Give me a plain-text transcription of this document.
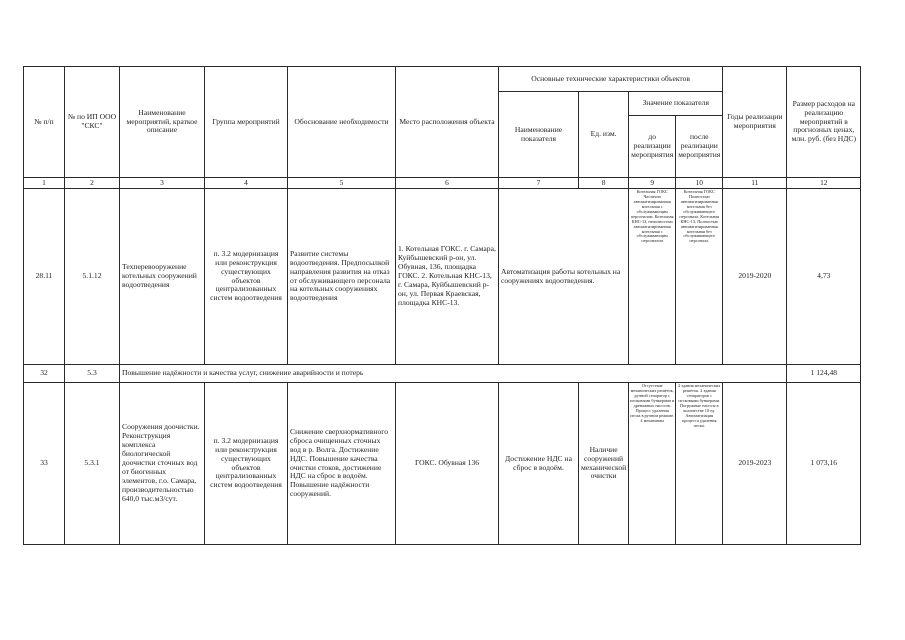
№ п/п	№ по ИП ООО "СКС"	Наименование мероприятий, краткое описание	Группа мероприятий	Обоснование необходимости	Место расположения объекта	Основные технические характеристики объектов				Годы реализации мероприятия	Размер расходов на реализацию мероприятий в прогнозных ценах, млн. руб. (без НДС)
						Наименование показателя	Ед. изм.	Значение показателя			
								до реализации мероприятия	после реализации мероприятия		
1	2	3	4	5	6	7	8	9	10	11	12
28.11	5.1.12	Техперевооружение котельных сооружений водоотведения	п. 3.2 модернизация или реконструкция существующих объектов централизованных систем водоотведения	Развитие системы водоотведения. Предпосылкой направления развития на отказ от обслуживающего персонала на котельных сооружениях водоотведения	1. Котельная ГОКС. г. Самара, Куйбышевский р-он, ул. Обувная, 136, площадка ГОКС. 2. Котельная КНС-13, г. Самара, Куйбышевский р-он, ул. Первая Краевская, площадка КНС-13.	Автоматизация работы котельных на сооружениях водоотведения.		Котельная ГОКС Частично автоматизированная котельная с обслуживающим персоналом. Котельная КНС-13, неполностью автоматизированная котельная с обслуживающим персоналом	Котельная ГОКС Полностью автоматизированная котельная без обслуживающего персонала. Котельная КНС-13, Полностью автоматизированная котельная без обслуживающего персонала.	2019-2020	4,73
32	5.3	Повышение надёжности и качества услуг, снижение аварийности и потерь									1 124,48
33	5.3.1	Сооружения доочистки. Реконструкция комплекса биологической доочистки сточных вод от биогенных элементов, г.о. Самара, производительностью 640,0 тыс.м3/сут.	п. 3.2 модернизация или реконструкция существующих объектов централизованных систем водоотведения	Снижение сверхнормативного сброса очищенных сточных вод в р. Волга. Достижение НДС. Повышение качества очистки стоков, достижение НДС на сброс в водоём. Повышение надёжности сооружений.	ГОКС. Обувная 136	Достижение НДС на сброс в водоём.	Наличие сооружений механической очистки	Отсутствие механических решёток, ручной сепаратор с песковыми бункерами и дренажных насосов. Процесс удаления песка в ручном режиме. 4 механизмы	2 здания механических решёток. 2 здания сепараторов с песковыми бункерами. Погружные насосы в количестве 10 ед. Автоматизация процесса удаления песка.	2019-2023	1 073,16
